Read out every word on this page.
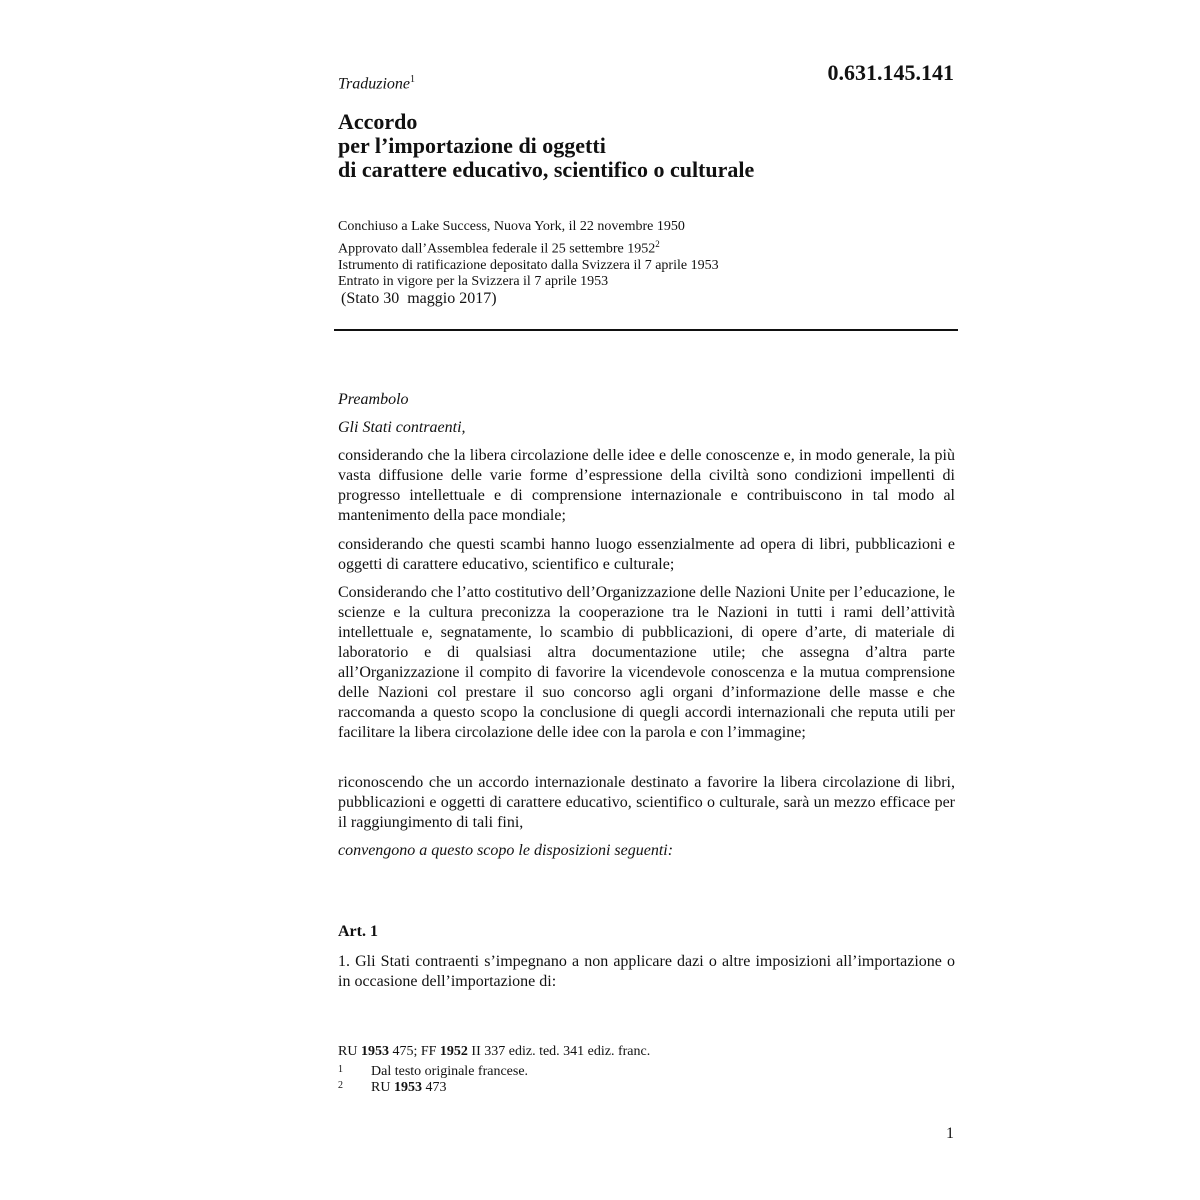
Traduzione$^1$	0.631.145.141
Accordo
per l’importazione di oggetti
di carattere educativo, scientifico o culturale
Conchiuso a Lake Success, Nuova York, il 22 novembre 1950
Approvato dall’Assemblea federale il 25 settembre 1952$^2$
Istrumento di ratificazione depositato dalla Svizzera il 7 aprile 1953
Entrato in vigore per la Svizzera il 7 aprile 1953
(Stato 30  maggio 2017)
Preambolo
Gli Stati contraenti,
considerando che la libera circolazione delle idee e delle conoscenze e, in modo generale, la più vasta diffusione delle varie forme d’espressione della civiltà sono condizioni impellenti di progresso intellettuale e di comprensione internazionale e contribuiscono in tal modo al mantenimento della pace mondiale;
considerando che questi scambi hanno luogo essenzialmente ad opera di libri, pubblicazioni e oggetti di carattere educativo, scientifico e culturale;
Considerando che l’atto costitutivo dell’Organizzazione delle Nazioni Unite per l’educazione, le scienze e la cultura preconizza la cooperazione tra le Nazioni in tutti i rami dell’attività intellettuale e, segnatamente, lo scambio di pubblicazioni, di opere d’arte, di materiale di laboratorio e di qualsiasi altra documentazione utile; che assegna d’altra parte all’Organizzazione il compito di favorire la vicendevole conoscenza e la mutua comprensione delle Nazioni col prestare il suo concorso agli organi d’informazione delle masse e che raccomanda a questo scopo la conclusione di quegli accordi internazionali che reputa utili per facilitare la libera circolazione delle idee con la parola e con l’immagine;
riconoscendo che un accordo internazionale destinato a favorire la libera circolazione di libri, pubblicazioni e oggetti di carattere educativo, scientifico o culturale, sarà un mezzo efficace per il raggiungimento di tali fini,
convengono a questo scopo le disposizioni seguenti:
Art. 1
1. Gli Stati contraenti s’impegnano a non applicare dazi o altre imposizioni all’importazione o in occasione dell’importazione di:
RU 1953 475; FF 1952 II 337 ediz. ted. 341 ediz. franc.
1	Dal testo originale francese.
2	RU 1953 473
1
